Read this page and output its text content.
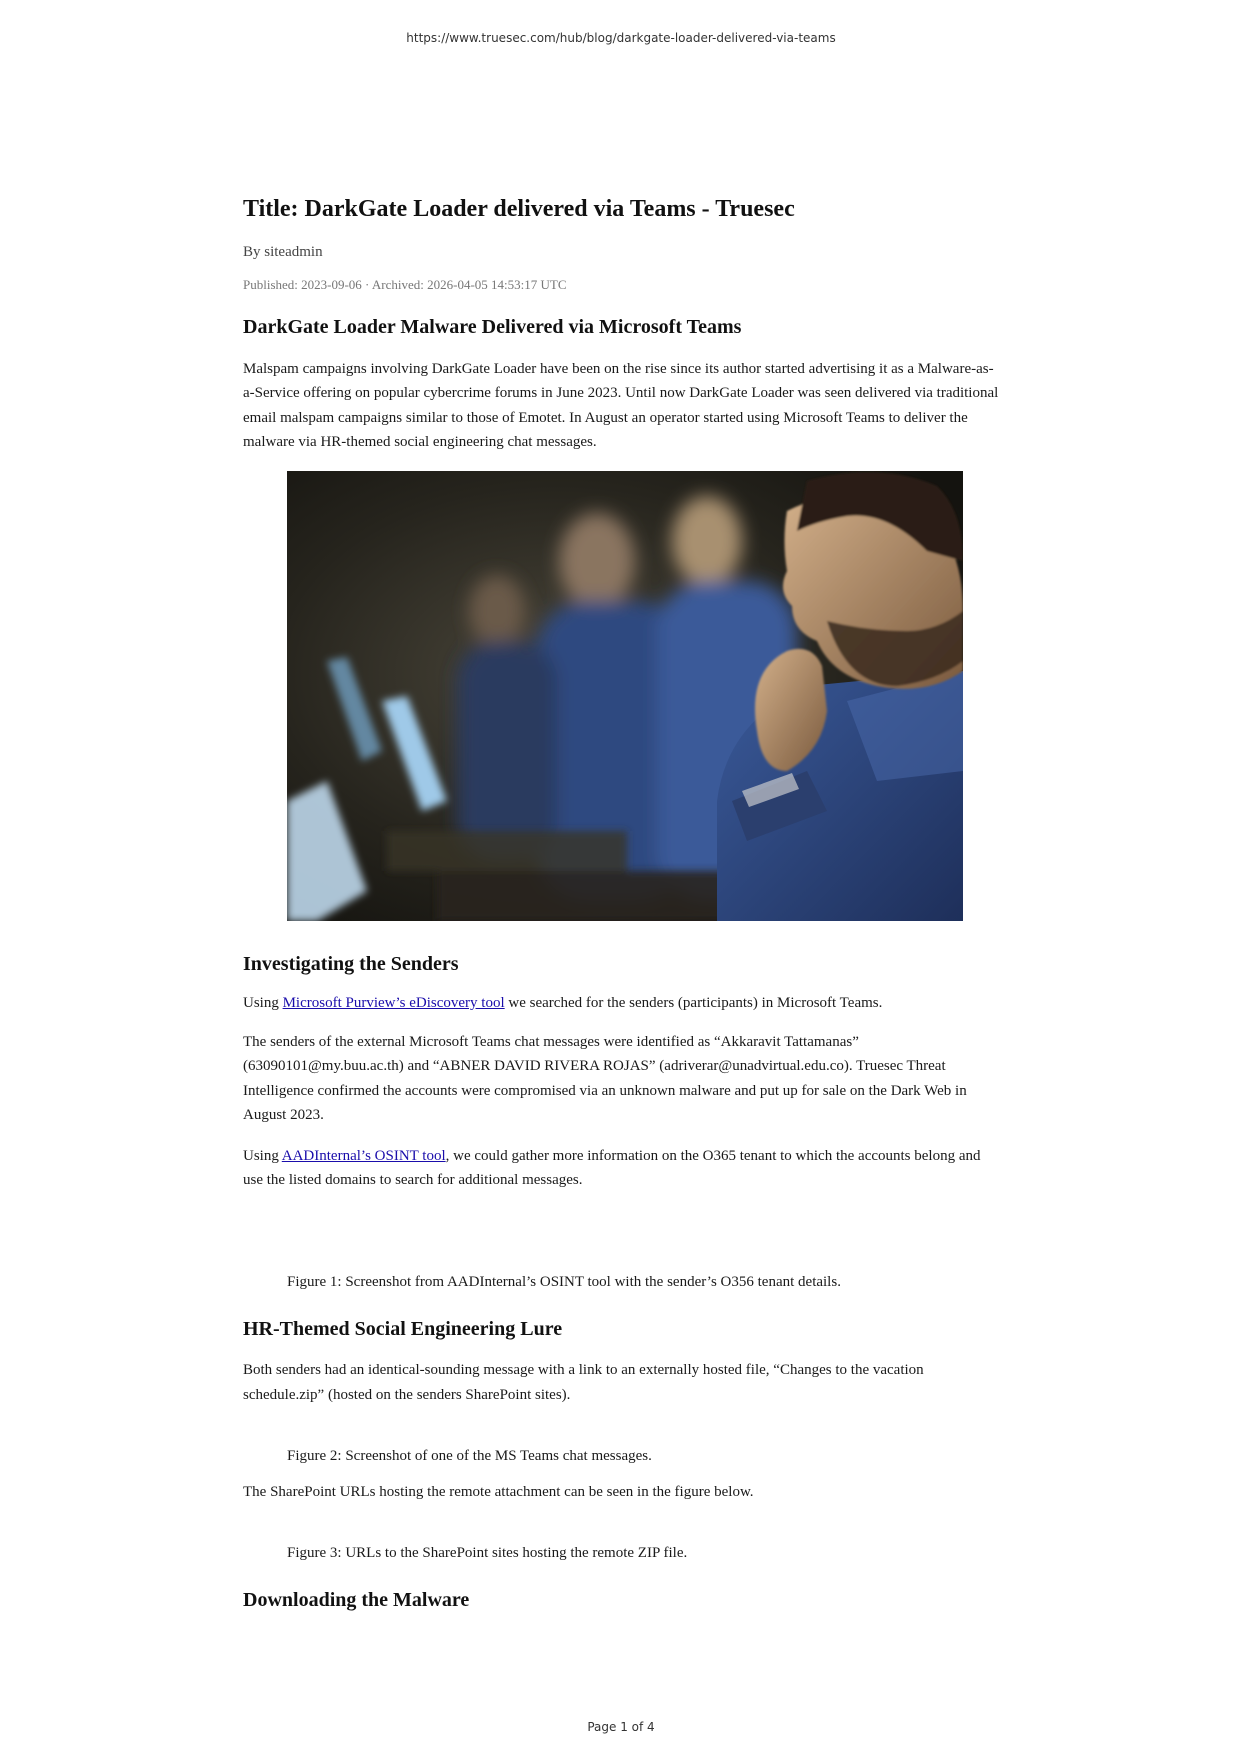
https://www.truesec.com/hub/blog/darkgate-loader-delivered-via-teams
Title: DarkGate Loader delivered via Teams - Truesec

By siteadmin

Published: 2023-09-06 · Archived: 2026-04-05 14:53:17 UTC

DarkGate Loader Malware Delivered via Microsoft Teams

Malspam campaigns involving DarkGate Loader have been on the rise since its author started advertising it as a Malware-as-a-Service offering on popular cybercrime forums in June 2023. Until now DarkGate Loader was seen delivered via traditional email malspam campaigns similar to those of Emotet. In August an operator started using Microsoft Teams to deliver the malware via HR-themed social engineering chat messages.

Investigating the Senders

Using Microsoft Purview’s eDiscovery tool we searched for the senders (participants) in Microsoft Teams.

The senders of the external Microsoft Teams chat messages were identified as “Akkaravit Tattamanas” (63090101@my.buu.ac.th) and “ABNER DAVID RIVERA ROJAS” (adriverar@unadvirtual.edu.co). Truesec Threat Intelligence confirmed the accounts were compromised via an unknown malware and put up for sale on the Dark Web in August 2023.

Using AADInternal’s OSINT tool, we could gather more information on the O365 tenant to which the accounts belong and use the listed domains to search for additional messages.

Figure 1: Screenshot from AADInternal’s OSINT tool with the sender’s O356 tenant details.

HR-Themed Social Engineering Lure

Both senders had an identical-sounding message with a link to an externally hosted file, “Changes to the vacation schedule.zip” (hosted on the senders SharePoint sites).

Figure 2: Screenshot of one of the MS Teams chat messages.

The SharePoint URLs hosting the remote attachment can be seen in the figure below.

Figure 3: URLs to the SharePoint sites hosting the remote ZIP file.

Downloading the Malware
Page 1 of 4
